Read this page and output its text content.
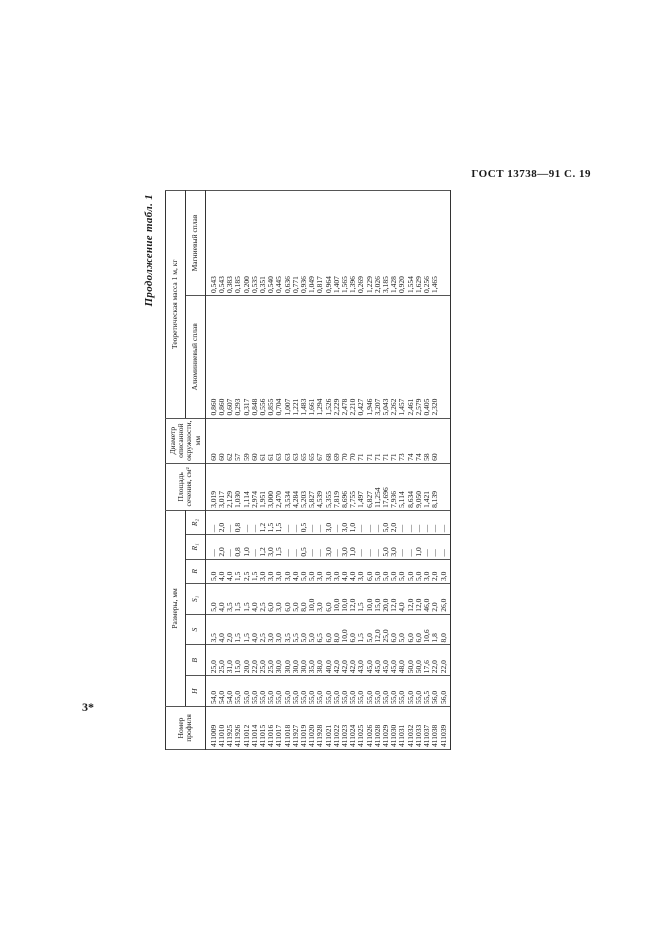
ГОСТ 13738—91 С. 19
3*
Продолжение табл. 1
Номер профиля	Размеры, мм							Площадь сечения, см²	Диаметр описанной окружности, мм	Теоретическая масса 1 м, кг	
	H	B	S	S₁	R	R₁	R₂			Алюминиевый сплав	Магниевый сплав
411009	54,0	25,0	3,5	5,0	5,0	—	—	3,019	60	0,860	0,543
411010	54,0	25,0	4,0	4,0	4,0	2,0	2,0	3,017	60	0,860	0,543
411925	54,0	31,0	2,0	3,5	4,0	—	—	2,129	62	0,607	0,383
411926	55,0	15,0	1,5	1,5	1,5	0,8	0,8	1,030	57	0,293	0,185
411012	55,0	20,0	1,5	1,5	2,5	1,0	—	1,114	59	0,317	0,200
411014	55,0	22,0	4,0	4,0	1,5	—	—	2,974	60	0,848	0,535
411015	55,0	25,0	2,5	2,5	3,0	1,2	1,2	1,951	61	0,556	0,351
411016	55,0	25,0	3,0	6,0	3,0	3,0	1,5	3,000	61	0,855	0,540
411017	55,0	30,0	3,0	3,0	3,0	1,5	1,5	2,470	63	0,704	0,445
411018	55,0	30,0	3,5	6,0	3,0	—	—	3,534	63	1,007	0,636
411927	55,0	30,0	5,5	5,0	4,0	—	—	4,284	63	1,221	0,771
411019	55,0	30,0	5,0	8,0	5,0	0,5	0,5	5,203	65	1,483	0,936
411020	55,0	35,0	5,0	10,0	5,0	—	—	5,827	65	1,661	1,049
411928	55,0	38,0	6,5	3,0	3,0	—	—	4,539	67	1,294	0,817
411021	55,0	40,0	6,0	6,0	3,0	3,0	3,0	5,355	68	1,526	0,964
411022	55,0	42,0	8,0	10,0	3,0	—	—	7,819	69	2,229	1,407
411023	55,0	42,0	10,0	10,0	4,0	3,0	3,0	8,696	70	2,478	1,565
411024	55,0	42,0	6,0	12,0	4,0	1,0	1,0	7,755	70	2,210	1,396
411025	55,0	43,0	1,5	1,5	3,0	—	—	1,497	71	0,427	0,269
411026	55,0	45,0	5,0	10,0	6,0	—	—	6,827	71	1,946	1,229
411028	55,0	45,0	12,0	15,0	5,0	—	—	11,254	71	3,207	2,026
411029	55,0	45,0	25,0	20,0	5,0	5,0	5,0	17,696	71	5,043	3,185
411030	55,0	45,0	6,0	12,0	5,0	3,0	2,0	7,936	71	2,262	1,428
411031	55,0	48,0	5,0	4,0	5,0	—	—	5,114	73	1,457	0,920
411032	55,0	50,0	6,0	12,0	5,0	—	—	8,634	74	2,461	1,554
411033	55,0	50,0	6,0	12,0	5,0	1,0	—	9,050	74	2,579	1,629
411037	55,5	17,6	10,6	46,0	3,0	—	—	1,421	58	0,405	0,256
411038	56,0	22,0	1,8	2,0	2,0	—	—	8,139	60	2,320	1,465
411039	56,0	22,0	8,0	26,0	3,0	—	—				
